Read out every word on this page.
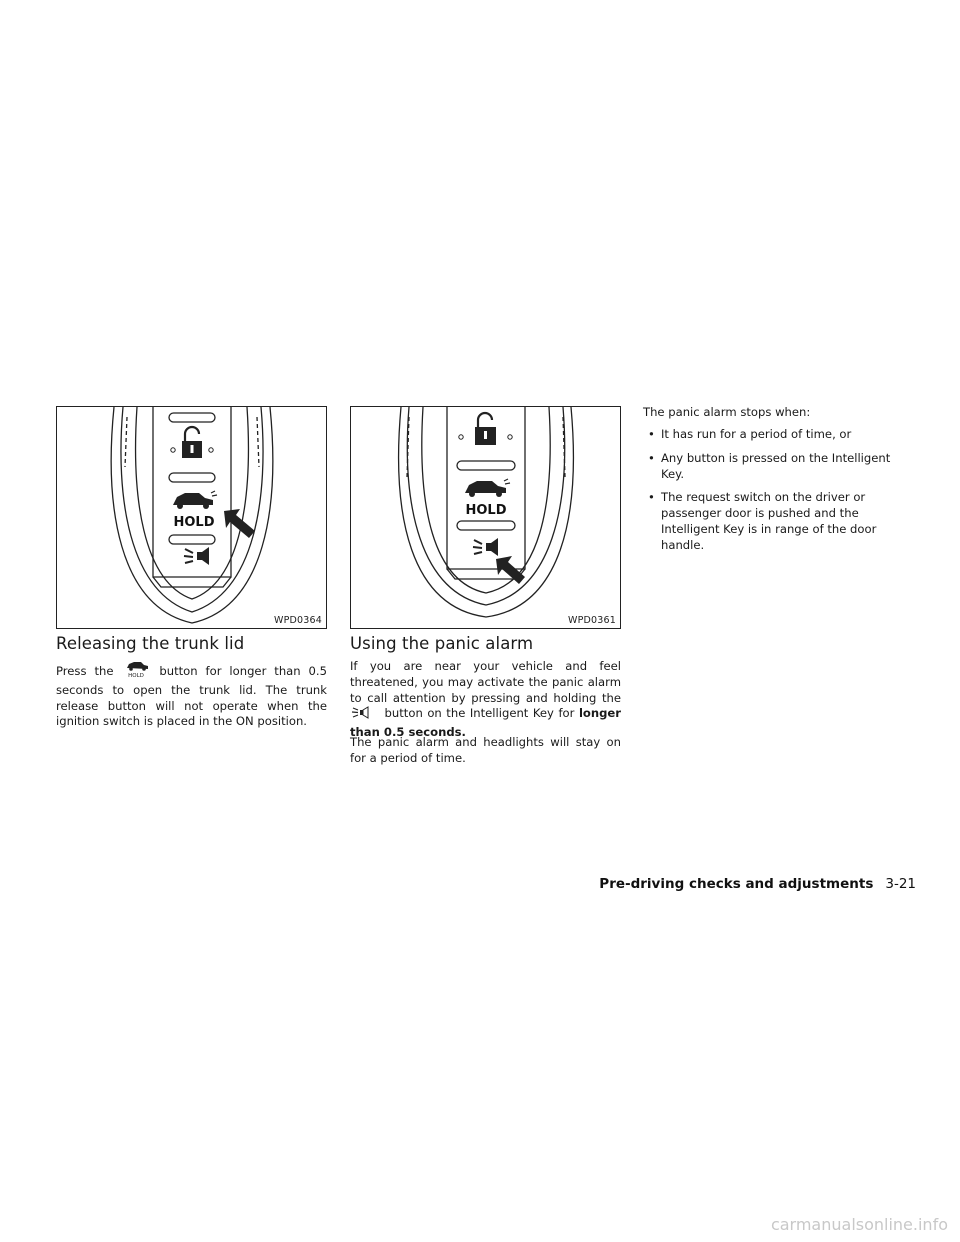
HOLD
WPD0364
HOLD
WPD0361
Releasing the trunk lid

Press the	HOLD button for longer than 0.5 seconds to open the trunk lid. The trunk release button will not operate when the ignition switch is placed in the ON position.

Using the panic alarm

If you are near your vehicle and feel threatened, you may activate the panic alarm to call attention by pressing and holding the  button on the Intelligent Key for longer than 0.5 seconds.

The panic alarm and headlights will stay on for a period of time.

The panic alarm stops when:

• It has run for a period of time, or
• Any button is pressed on the Intelligent Key.
• The request switch on the driver or passenger door is pushed and the Intelligent Key is in range of the door handle.
Pre-driving checks and adjustments 3-21
carmanualsonline.info
